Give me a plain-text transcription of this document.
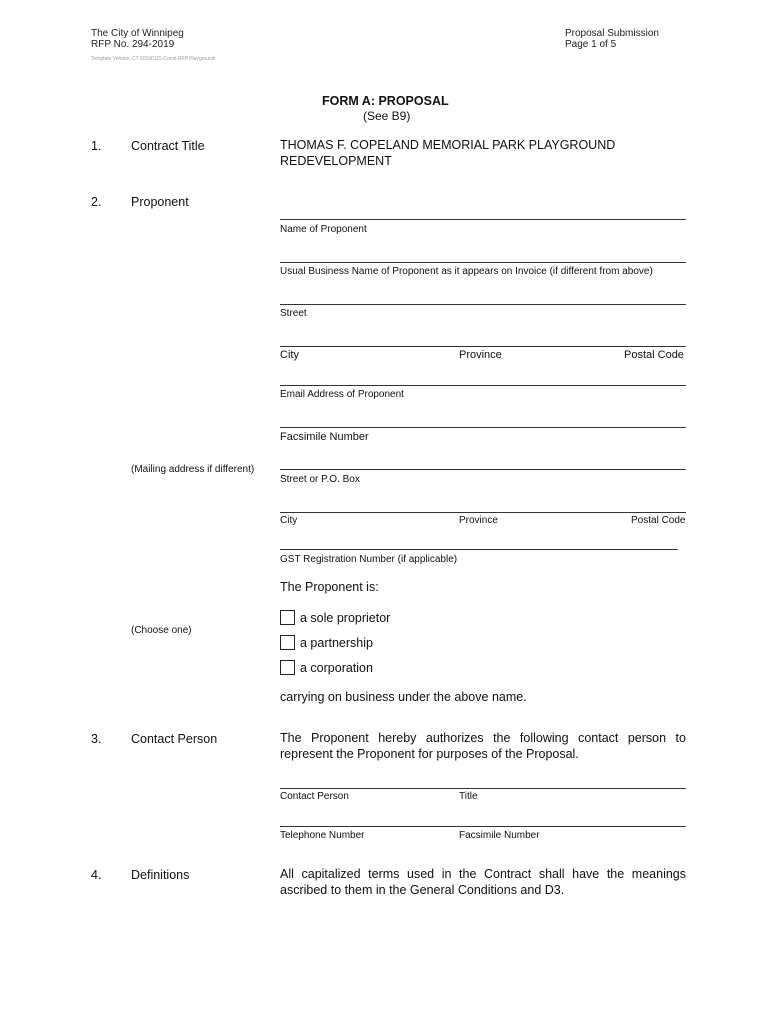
The City of Winnipeg
RFP No. 294-2019
Template Version: C? 20190115-Const RFP Playground
Proposal Submission
Page 1 of 5
FORM A: PROPOSAL
(See B9)
1. Contract Title	THOMAS F. COPELAND MEMORIAL PARK PLAYGROUND
REDEVELOPMENT
2. Proponent
Name of Proponent
Usual Business Name of Proponent as it appears on Invoice (if different from above)
Street
City	Province	Postal Code
Email Address of Proponent
Facsimile Number
(Mailing address if different)
Street or P.O. Box
City	Province	Postal Code
GST Registration Number (if applicable)
The Proponent is:
(Choose one)
a sole proprietor
a partnership
a corporation
carrying on business under the above name.
3. Contact Person	The Proponent hereby authorizes the following contact person to represent the Proponent for purposes of the Proposal.
Contact Person	Title
Telephone Number	Facsimile Number
4. Definitions	All capitalized terms used in the Contract shall have the meanings ascribed to them in the General Conditions and D3.
